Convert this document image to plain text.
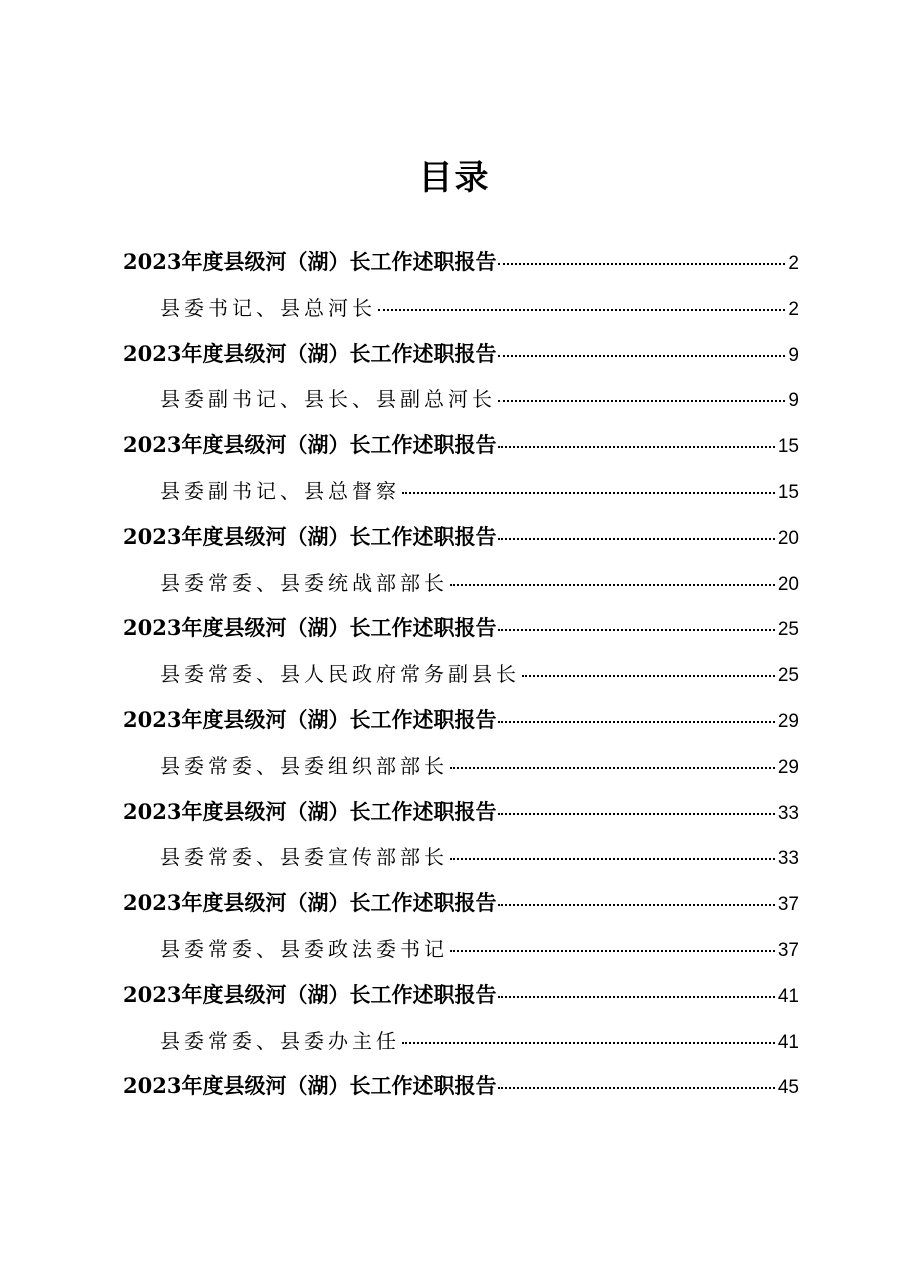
目录
2023年度县级河（湖）长工作述职报告	2
县委书记、县总河长	2
2023年度县级河（湖）长工作述职报告	9
县委副书记、县长、县副总河长	9
2023年度县级河（湖）长工作述职报告	15
县委副书记、县总督察	15
2023年度县级河（湖）长工作述职报告	20
县委常委、县委统战部部长	20
2023年度县级河（湖）长工作述职报告	25
县委常委、县人民政府常务副县长	25
2023年度县级河（湖）长工作述职报告	29
县委常委、县委组织部部长	29
2023年度县级河（湖）长工作述职报告	33
县委常委、县委宣传部部长	33
2023年度县级河（湖）长工作述职报告	37
县委常委、县委政法委书记	37
2023年度县级河（湖）长工作述职报告	41
县委常委、县委办主任	41
2023年度县级河（湖）长工作述职报告	45
